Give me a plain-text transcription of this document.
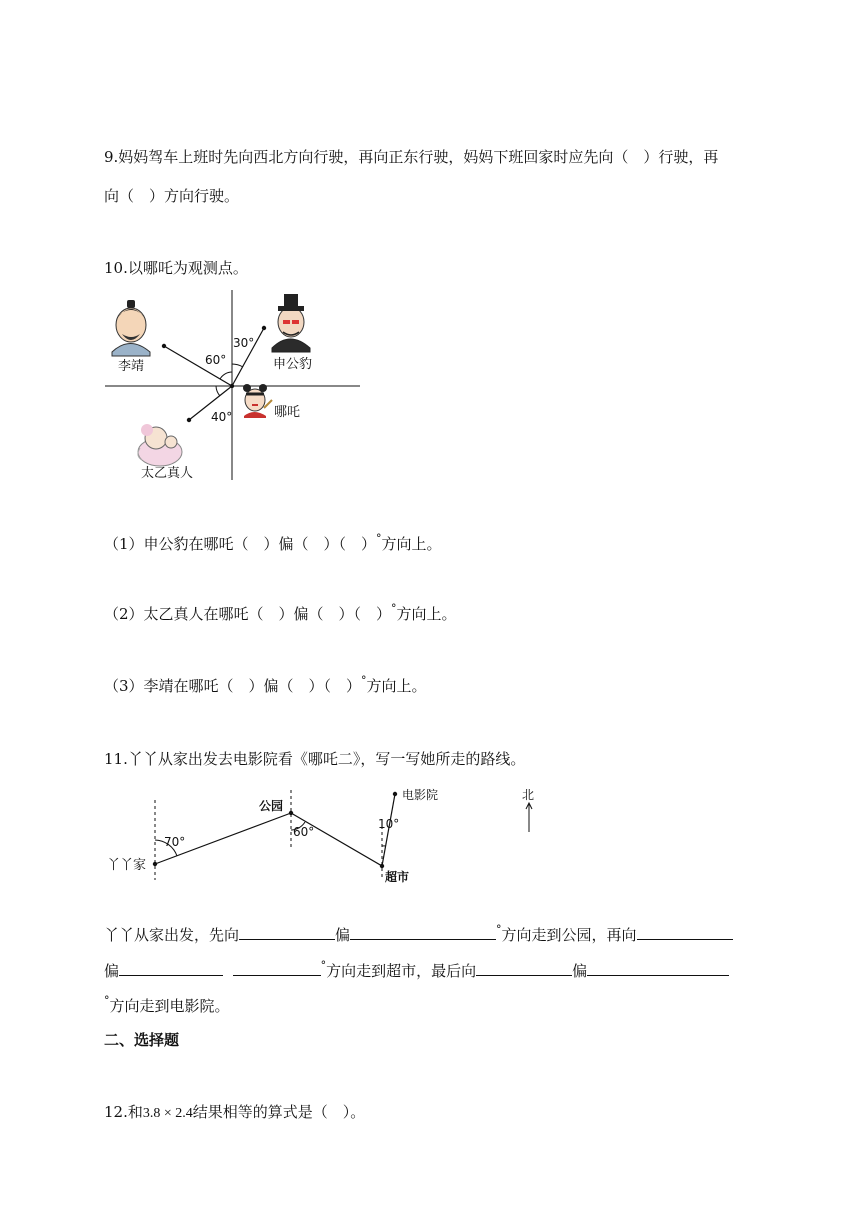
9.妈妈驾车上班时先向西北方向行驶，再向正东行驶，妈妈下班回家时应先向（　）行驶，再
向（　）方向行驶。
10.以哪吒为观测点。
30°
60°
40°
李靖	申公豹
哪吒
太乙真人
（1）申公豹在哪吒（　）偏（　）（　）°方向上。
（2）太乙真人在哪吒（　）偏（　）（　）°方向上。
（3）李靖在哪吒（　）偏（　）（　）°方向上。
11.丫丫从家出发去电影院看《哪吒二》，写一写她所走的路线。
丫丫家
公园
超市
电影院
70°
60°
10°
北
丫丫从家出发，先向	偏	°方向走到公园，再向
偏	°方向走到超市，最后向	偏
°方向走到电影院。
二、选择题
12.和3.8 × 2.4结果相等的算式是（　）。
